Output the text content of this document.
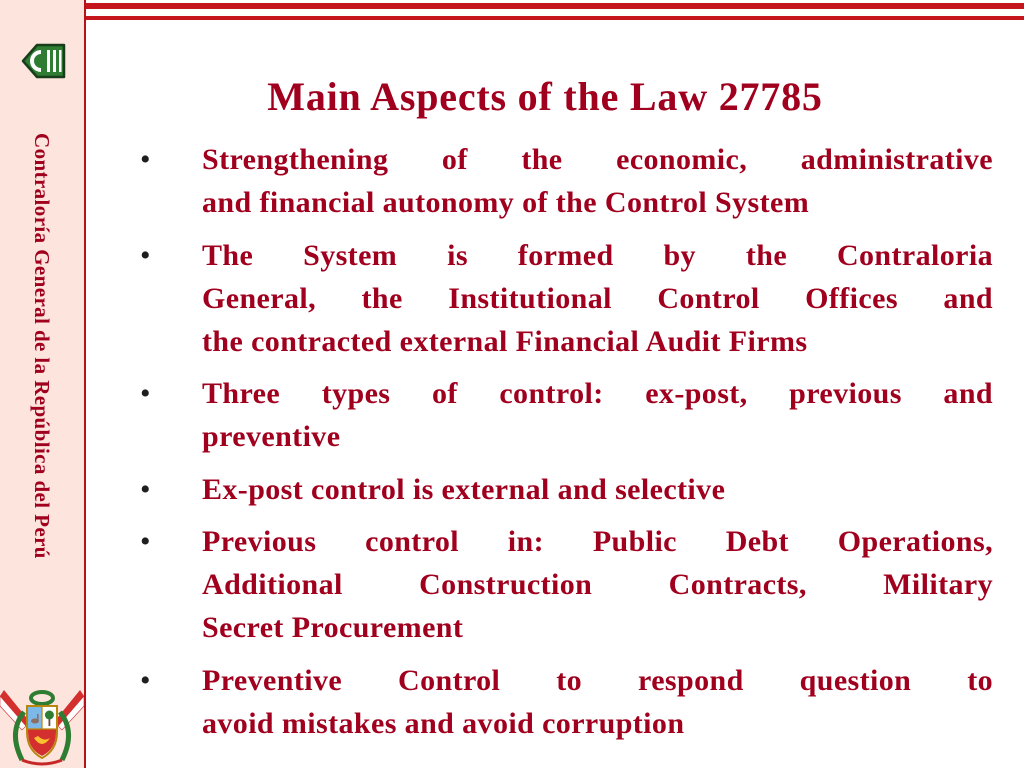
Contraloría General de la República del Perú
Main Aspects of the Law 27785
• Strengthening of the economic, administrative
and financial autonomy of the Control System
• The System is formed by the Contraloria
General, the Institutional Control Offices and
the contracted external Financial Audit Firms
• Three types of control: ex-post, previous and
preventive
• Ex-post control is external and selective
• Previous control in: Public Debt Operations,
Additional Construction Contracts, Military
Secret Procurement
• Preventive Control to respond question to
avoid mistakes and avoid corruption
